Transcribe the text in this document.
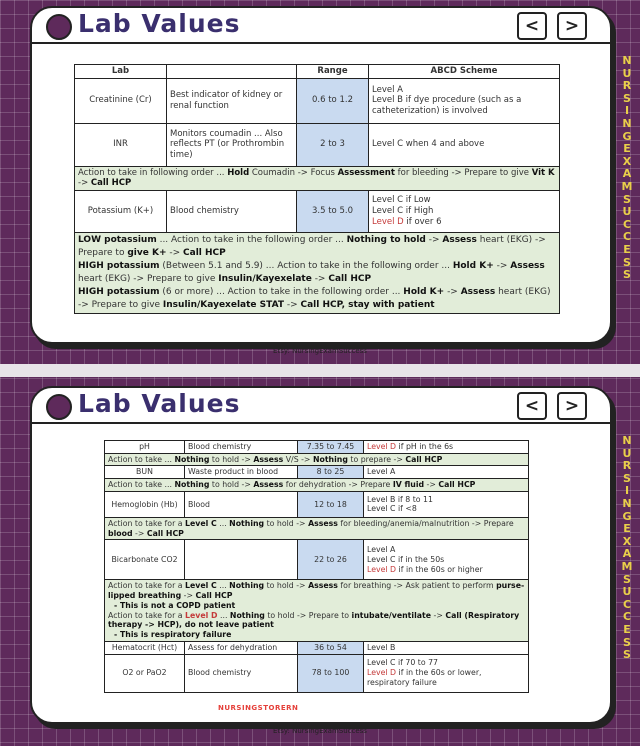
Lab Values	<	>
Etsy: NursingExamSuccess
Lab		Range	ABCD Scheme
Creatinine (Cr)	Best indicator of kidney or renal function	0.6 to 1.2	Level A
Level B if dye procedure (such as a catheterization) is involved

INR	Monitors coumadin ... Also reflects PT (or Prothrombin time)	2 to 3	Level C when 4 and above
Action to take in following order ... Hold Coumadin -> Focus Assessment for bleeding -> Prepare to give Vit K -> Call HCP			
Potassium (K+)	Blood chemistry	3.5 to 5.0	Level C if Low
Level C if High
Level D if over 6

LOW potassium ... Action to take in the following order ... Nothing to hold -> Assess heart (EKG) -> Prepare to give K+ -> Call HCP
HIGH potassium (Between 5.1 and 5.9) ... Action to take in the following order ... Hold K+ -> Assess heart (EKG) -> Prepare to give Insulin/Kayexelate -> Call HCP
HIGH potassium (6 or more) ... Action to take in the following order ... Hold K+ -> Assess heart (EKG) -> Prepare to give Insulin/Kayexelate STAT -> Call HCP, stay with patient			
Lab Values	<	>
Etsy: NursingExamSuccess
pH	Blood chemistry	7.35 to 7.45	Level D if pH in the 6s
Action to take ... Nothing to hold -> Assess V/S -> Nothing to prepare -> Call HCP			
BUN	Waste product in blood	8 to 25	Level A
Action to take ... Nothing to hold -> Assess for dehydration -> Prepare IV fluid -> Call HCP			
Hemoglobin (Hb)	Blood	12 to 18	Level B if 8 to 11
Level C if <8

Action to take for a Level C ... Nothing to hold -> Assess for bleeding/anemia/malnutrition -> Prepare blood -> Call HCP			
Bicarbonate CO2		22 to 26	Level A
Level C if in the 50s
Level D if in the 60s or higher

Action to take for a Level C ... Nothing to hold -> Assess for breathing -> Ask patient to perform purse-lipped breathing -> Call HCP
- This is not a COPD patient
Action to take for a Level D ... Nothing to hold -> Prepare to intubate/ventilate -> Call (Respiratory therapy -> HCP), do not leave patient
- This is respiratory failure			

Hematocrit (Hct)	Assess for dehydration	36 to 54	Level B
O2 or PaO2	Blood chemistry	78 to 100	Level C if 70 to 77
Level D if in the 60s or lower, respiratory failure
NURSINGSTORERN
N
U
R
S
I
N
G
E
X
A
M
S
U
C
C
E
S
S
N
U
R
S
I
N
G
E
X
A
M
S
U
C
C
E
S
S
